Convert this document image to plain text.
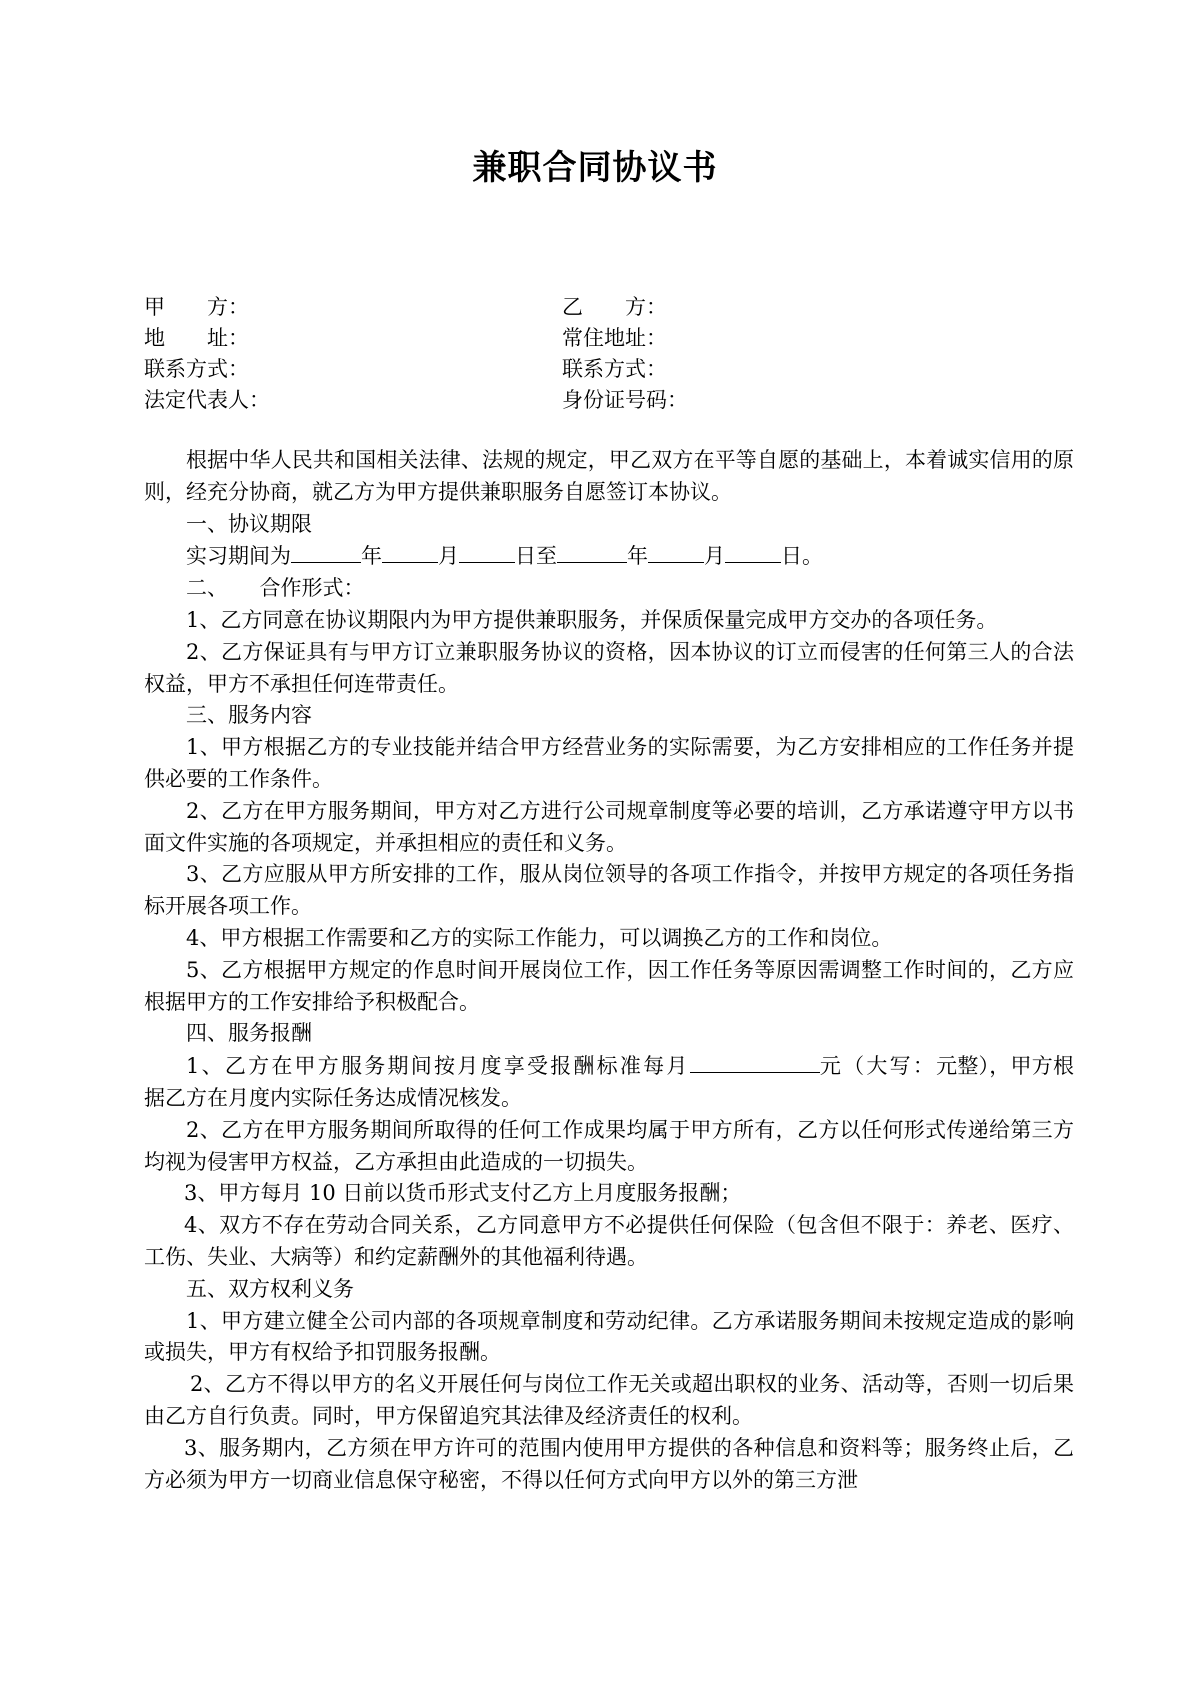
兼职合同协议书
甲　　方：	乙　　方：
地　　址：	常住地址：
联系方式：	联系方式：
法定代表人：	身份证号码：

根据中华人民共和国相关法律、法规的规定，甲乙双方在平等自愿的基础上，本着诚实信用的原则，经充分协商，就乙方为甲方提供兼职服务自愿签订本协议。

一、协议期限

实习期间为	年	月	日至	年	月	日。

二、　　合作形式：

1、乙方同意在协议期限内为甲方提供兼职服务，并保质保量完成甲方交办的各项任务。

2、乙方保证具有与甲方订立兼职服务协议的资格，因本协议的订立而侵害的任何第三人的合法权益，甲方不承担任何连带责任。

三、服务内容

1、甲方根据乙方的专业技能并结合甲方经营业务的实际需要，为乙方安排相应的工作任务并提供必要的工作条件。

2、乙方在甲方服务期间，甲方对乙方进行公司规章制度等必要的培训，乙方承诺遵守甲方以书面文件实施的各项规定，并承担相应的责任和义务。

3、乙方应服从甲方所安排的工作，服从岗位领导的各项工作指令，并按甲方规定的各项任务指标开展各项工作。

4、甲方根据工作需要和乙方的实际工作能力，可以调换乙方的工作和岗位。

5、乙方根据甲方规定的作息时间开展岗位工作，因工作任务等原因需调整工作时间的，乙方应根据甲方的工作安排给予积极配合。

四、服务报酬

1、乙方在甲方服务期间按月度享受报酬标准每月	元（大写：元整），甲方根据乙方在月度内实际任务达成情况核发。

2、乙方在甲方服务期间所取得的任何工作成果均属于甲方所有，乙方以任何形式传递给第三方均视为侵害甲方权益，乙方承担由此造成的一切损失。

3、甲方每月 10 日前以货币形式支付乙方上月度服务报酬；

4、双方不存在劳动合同关系，乙方同意甲方不必提供任何保险（包含但不限于：养老、医疗、工伤、失业、大病等）和约定薪酬外的其他福利待遇。

五、双方权利义务

1、甲方建立健全公司内部的各项规章制度和劳动纪律。乙方承诺服务期间未按规定造成的影响或损失，甲方有权给予扣罚服务报酬。

2、乙方不得以甲方的名义开展任何与岗位工作无关或超出职权的业务、活动等，否则一切后果由乙方自行负责。同时，甲方保留追究其法律及经济责任的权利。

3、服务期内，乙方须在甲方许可的范围内使用甲方提供的各种信息和资料等；服务终止后，乙方必须为甲方一切商业信息保守秘密，不得以任何方式向甲方以外的第三方泄
